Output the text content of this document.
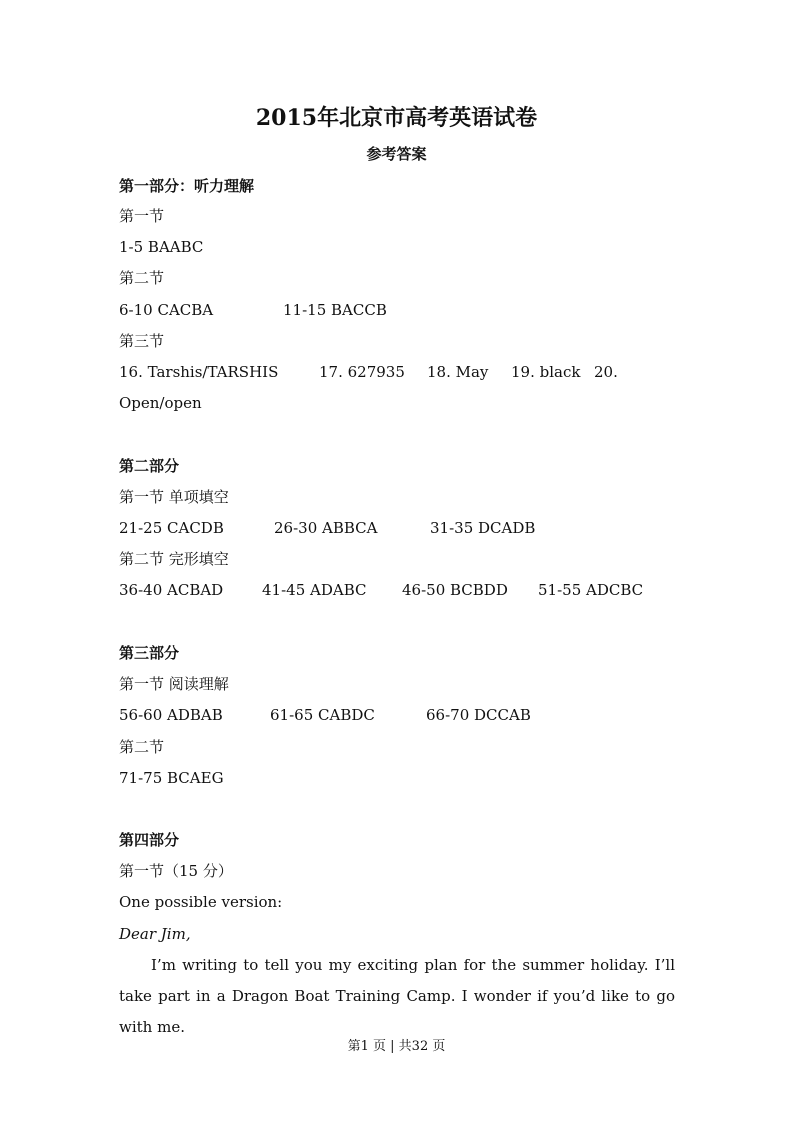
2015年北京市高考英语试卷
参考答案
第一部分：听力理解
第一节
1-5 BAABC
第二节
6-10 CACBA	11-15 BACCB
第三节
16. Tarshis/TARSHIS	17. 627935 18. May 19. black 20.
Open/open
第二部分
第一节 单项填空
21-25 CACDB	26-30 ABBCA	31-35 DCADB
第二节 完形填空
36-40 ACBAD	41-45 ADABC 46-50 BCBDD 51-55 ADCBC
第三部分
第一节 阅读理解
56-60 ADBAB	61-65 CABDC	66-70 DCCAB
第二节
71-75 BCAEG
第四部分
第一节（15 分）
One possible version:
Dear Jim,
I’m writing to tell you my exciting plan for the summer holiday. I’ll take part in a Dragon Boat Training Camp. I wonder if you’d like to go with me.
第1 页 | 共32 页
